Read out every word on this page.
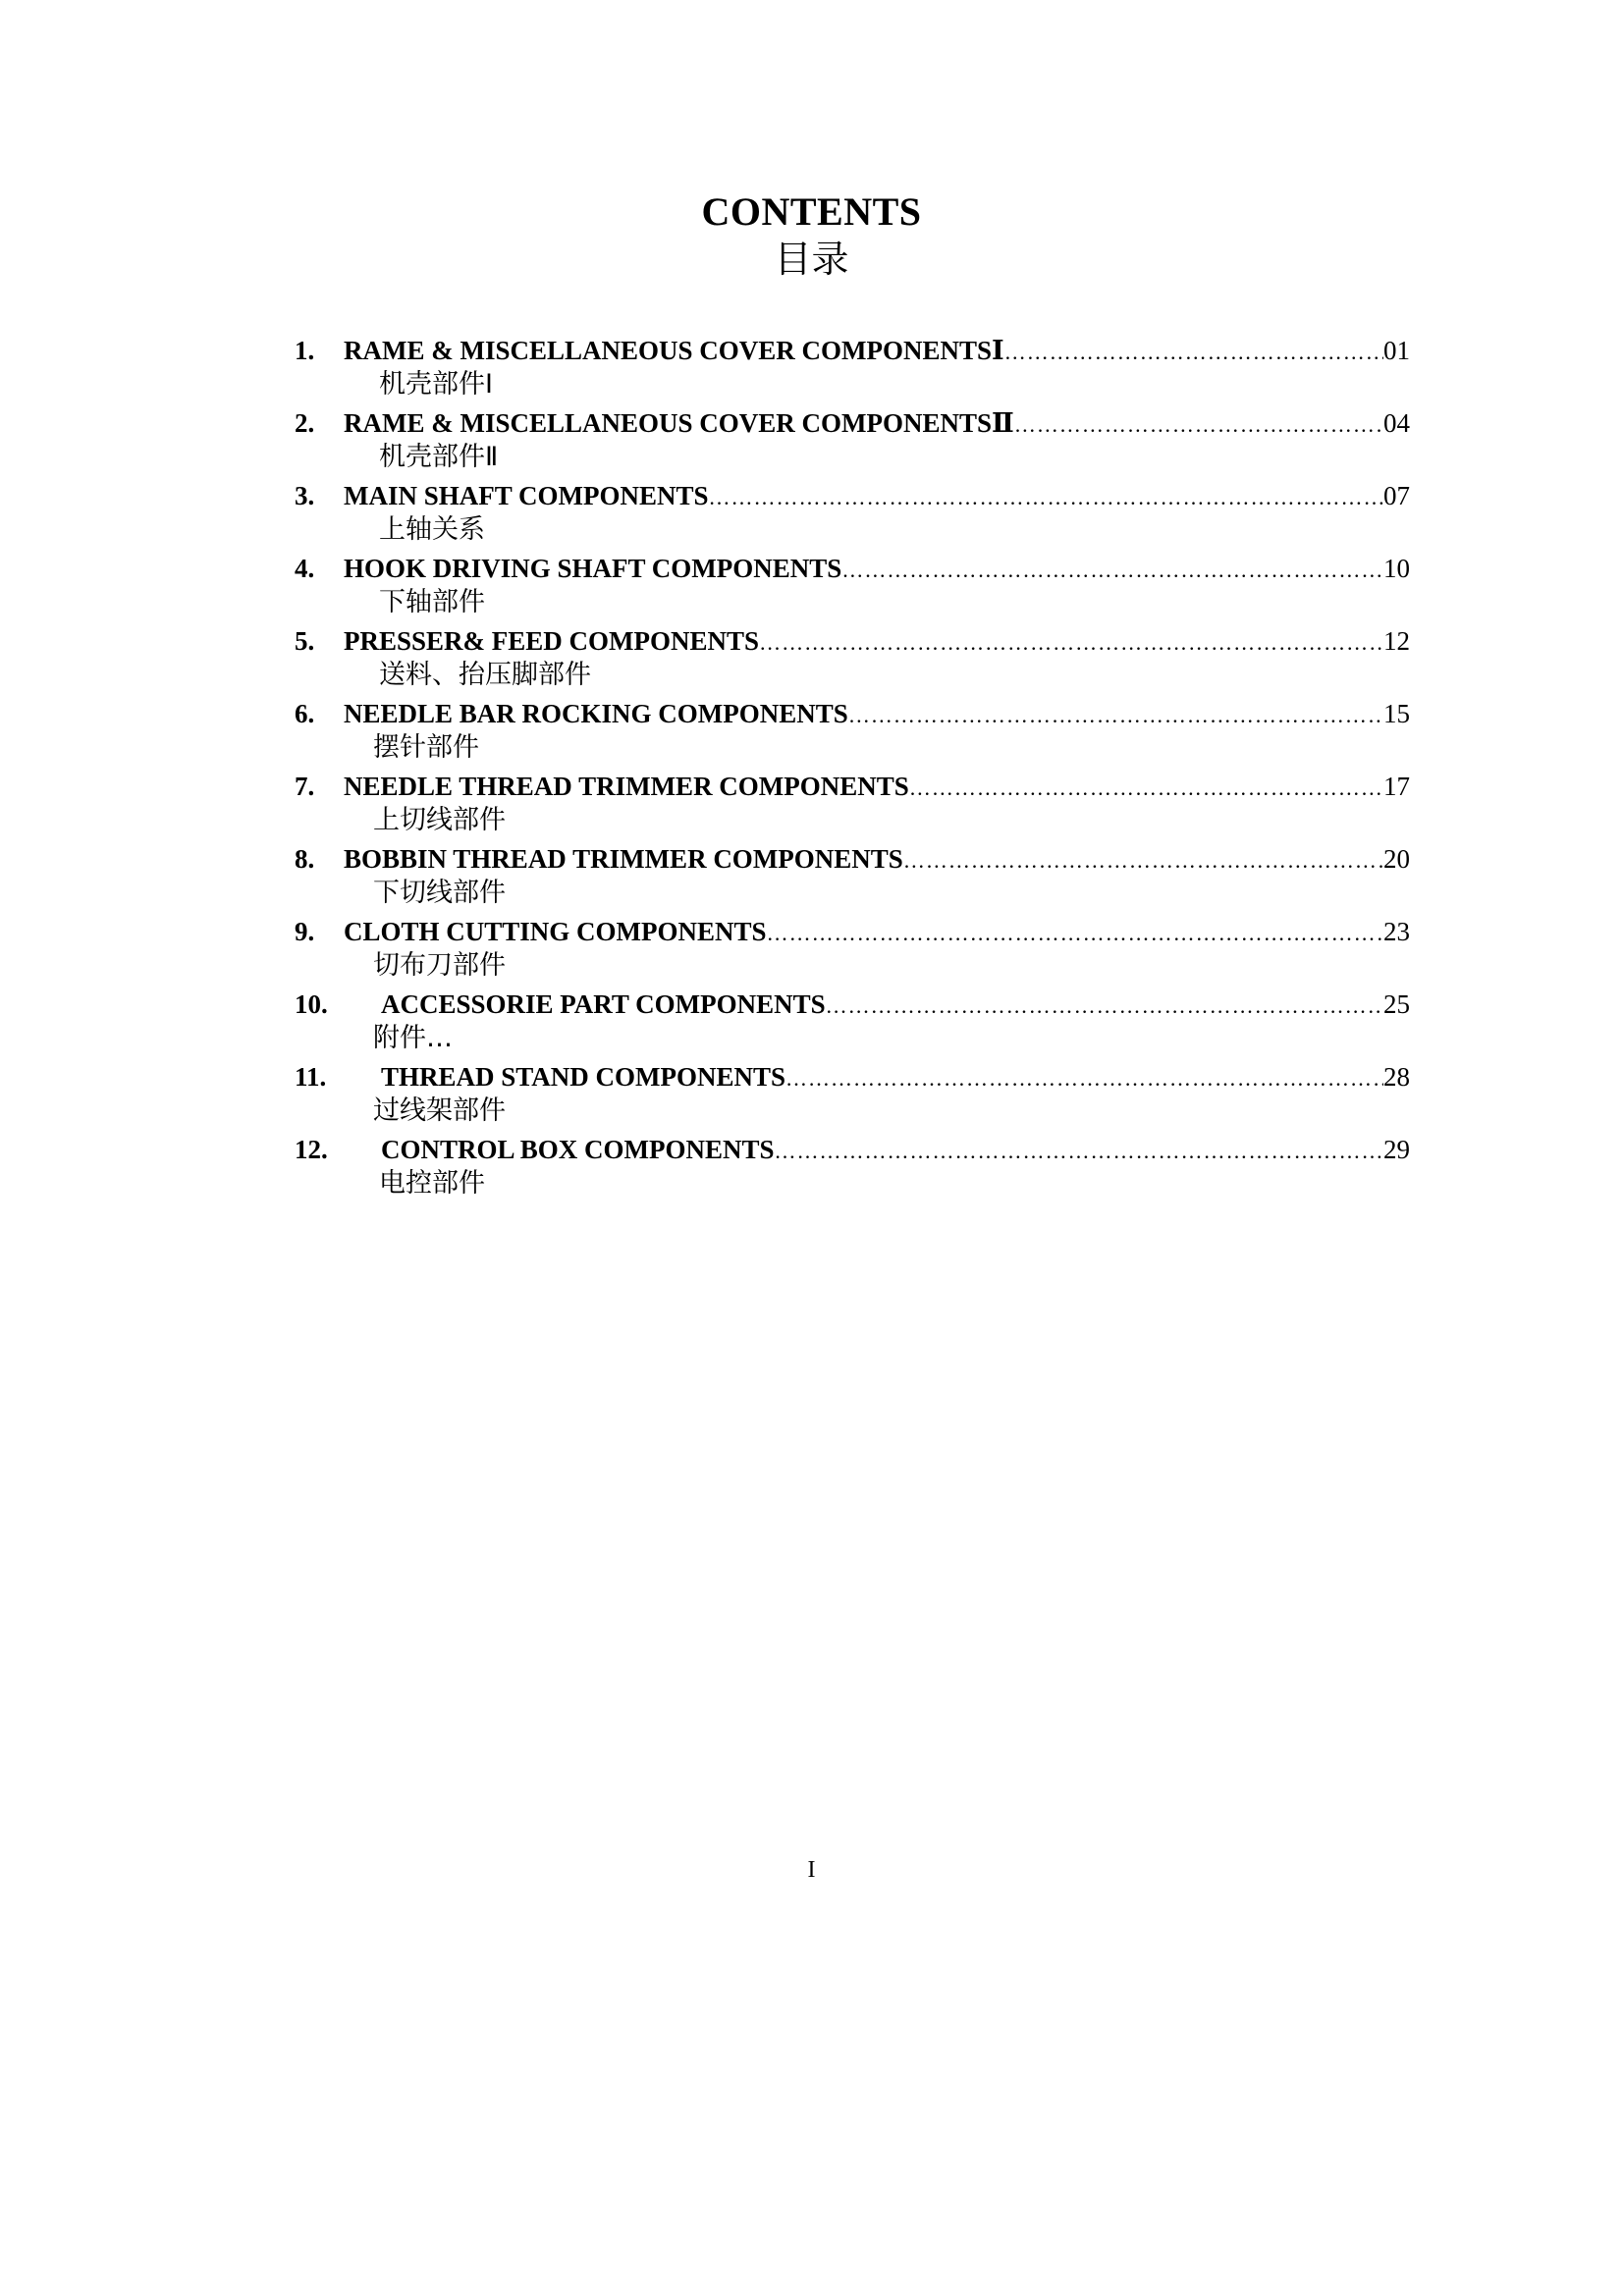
CONTENTS
目录
1.	RAME & MISCELLANEOUS COVER COMPONENTSⅠ …………………………………………………………………………………………………………………………………………………………………………………………	01
机壳部件Ⅰ
2.	RAME & MISCELLANEOUS COVER COMPONENTSⅡ …………………………………………………………………………………………………………………………………………………………………………………………	04
机壳部件Ⅱ
3.	MAIN SHAFT COMPONENTS …………………………………………………………………………………………………………………………………………………………………………………………	07
上轴关系
4.	HOOK DRIVING SHAFT COMPONENTS …………………………………………………………………………………………………………………………………………………………………………………………	10
下轴部件
5.	PRESSER& FEED COMPONENTS …………………………………………………………………………………………………………………………………………………………………………………………	12
送料、抬压脚部件
6.	NEEDLE BAR ROCKING COMPONENTS …………………………………………………………………………………………………………………………………………………………………………………………	15
摆针部件
7.	NEEDLE THREAD TRIMMER COMPONENTS …………………………………………………………………………………………………………………………………………………………………………………………	17
上切线部件
8.	BOBBIN THREAD TRIMMER COMPONENTS …………………………………………………………………………………………………………………………………………………………………………………………	20
下切线部件
9.	CLOTH CUTTING COMPONENTS …………………………………………………………………………………………………………………………………………………………………………………………	23
切布刀部件
10.	ACCESSORIE PART COMPONENTS …………………………………………………………………………………………………………………………………………………………………………………………	25
附件…
11.	THREAD STAND COMPONENTS …………………………………………………………………………………………………………………………………………………………………………………………	28
过线架部件
12.	CONTROL BOX COMPONENTS …………………………………………………………………………………………………………………………………………………………………………………………	29
电控部件
I
